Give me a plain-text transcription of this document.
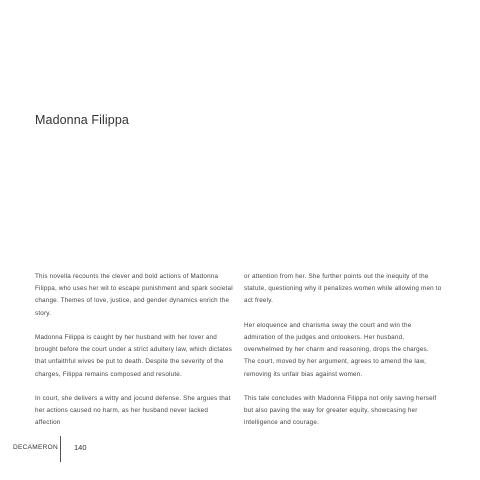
Madonna Filippa

This novella recounts the clever and bold actions of Madonna Filippa, who uses her wit to escape punishment and spark societal change. Themes of love, justice, and gender dynamics enrich the story.

Madonna Filippa is caught by her husband with her lover and brought before the court under a strict adultery law, which dictates that unfaithful wives be put to death. Despite the severity of the charges, Filippa remains composed and resolute.

In court, she delivers a witty and jocund defense. She argues that her actions caused no harm, as her husband never lacked affection

or attention from her. She further points out the inequity of the statute, questioning why it penalizes women while allowing men to act freely.

Her eloquence and charisma sway the court and win the admiration of the judges and onlookers. Her husband, overwhelmed by her charm and reasoning, drops the charges. The court, moved by her argument, agrees to amend the law, removing its unfair bias against women.

This tale concludes with Madonna Filippa not only saving herself but also paving the way for greater equity, showcasing her intelligence and courage.

DECAMERON 140
